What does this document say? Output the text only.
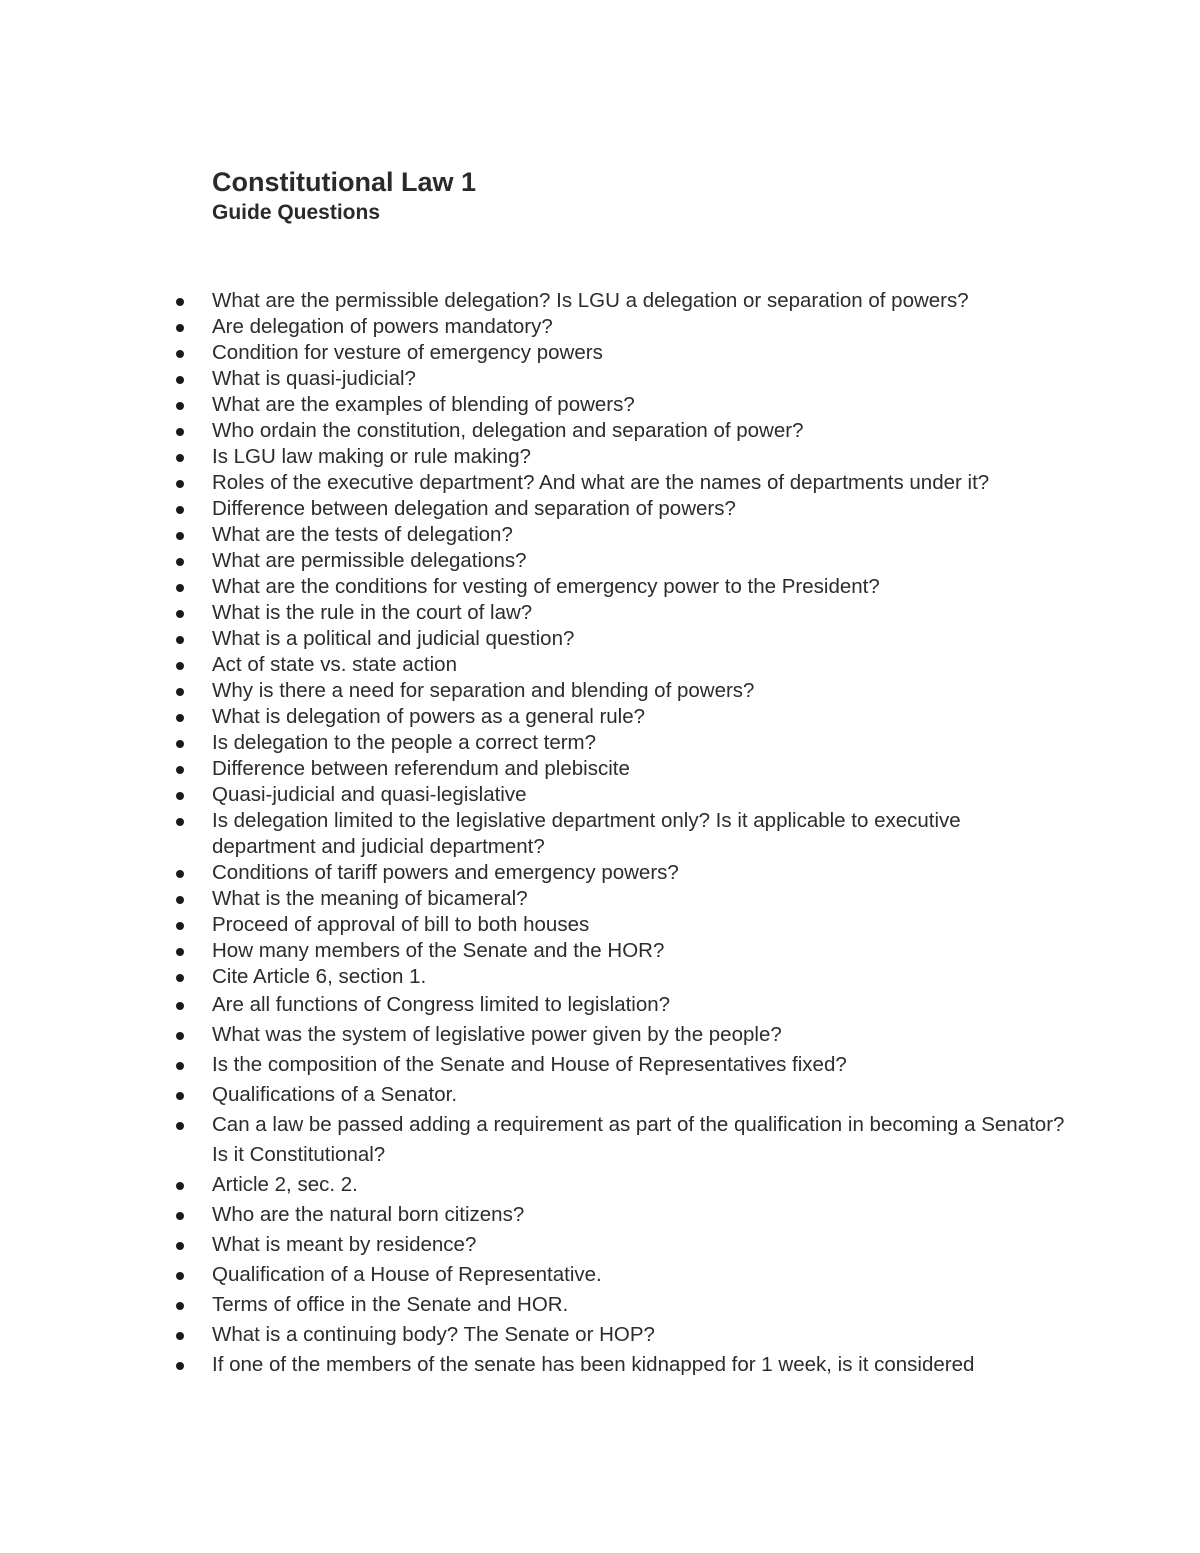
Constitutional Law 1
Guide Questions
What are the permissible delegation? Is LGU a delegation or separation of powers?
Are delegation of powers mandatory?
Condition for vesture of emergency powers
What is quasi-judicial?
What are the examples of blending of powers?
Who ordain the constitution, delegation and separation of power?
Is LGU law making or rule making?
Roles of the executive department? And what are the names of departments under it?
Difference between delegation and separation of powers?
What are the tests of delegation?
What are permissible delegations?
What are the conditions for vesting of emergency power to the President?
What is the rule in the court of law?
What is a political and judicial question?
Act of state vs. state action
Why is there a need for separation and blending of powers?
What is delegation of powers as a general rule?
Is delegation to the people a correct term?
Difference between referendum and plebiscite
Quasi-judicial and quasi-legislative
Is delegation limited to the legislative department only? Is it applicable to executive department and judicial department?
Conditions of tariff powers and emergency powers?
What is the meaning of bicameral?
Proceed of approval of bill to both houses
How many members of the Senate and the HOR?
Cite Article 6, section 1.
Are all functions of Congress limited to legislation?
What was the system of legislative power given by the people?
Is the composition of the Senate and House of Representatives fixed?
Qualifications of a Senator.
Can a law be passed adding a requirement as part of the qualification in becoming a Senator? Is it Constitutional?
Article 2, sec. 2.
Who are the natural born citizens?
What is meant by residence?
Qualification of a House of Representative.
Terms of office in the Senate and HOR.
What is a continuing body? The Senate or HOP?
If one of the members of the senate has been kidnapped for 1 week, is it considered
